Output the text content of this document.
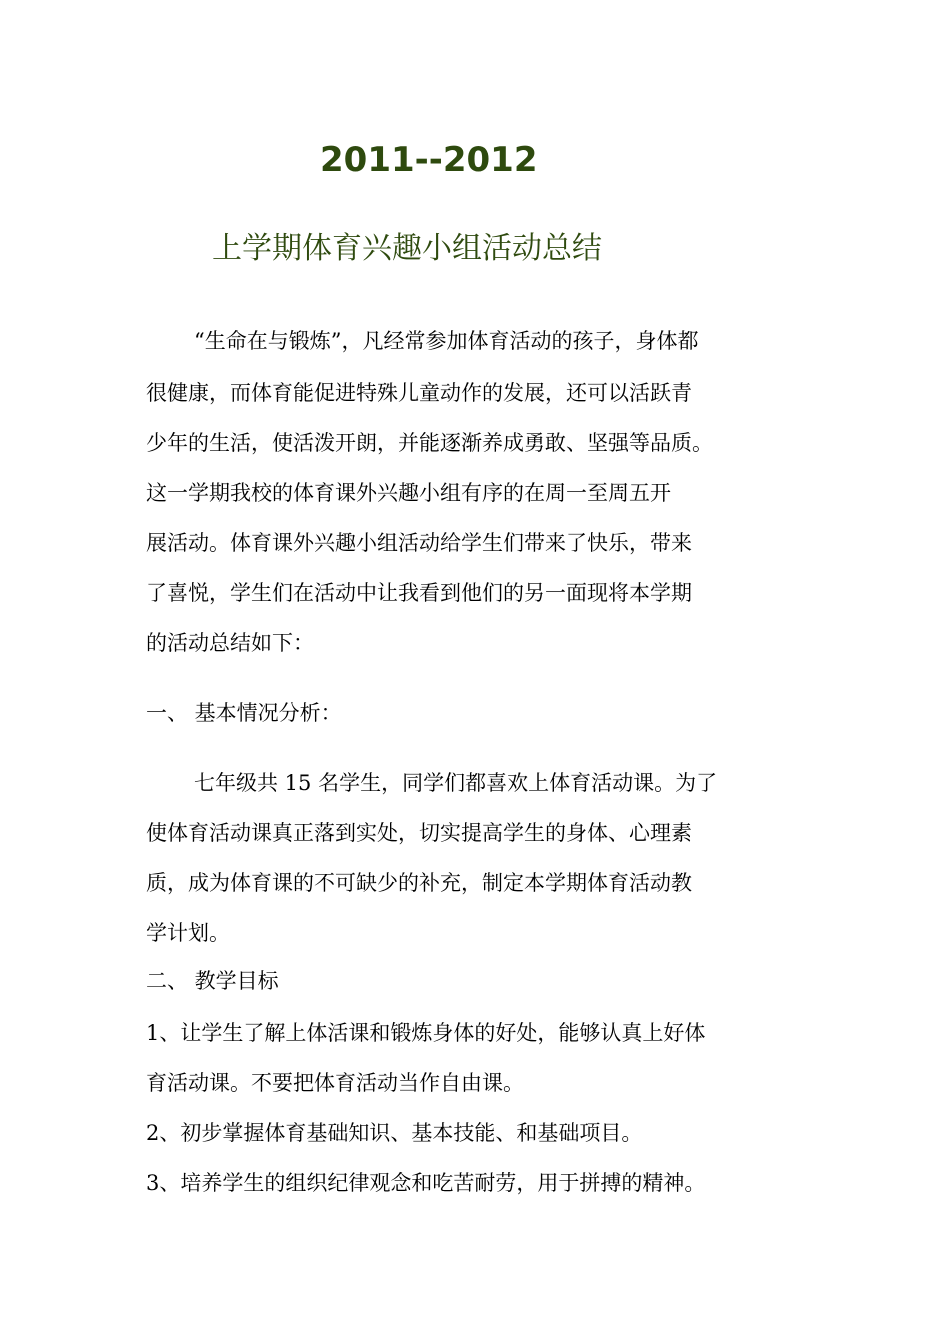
2011--2012
上学期体育兴趣小组活动总结
“生命在与锻炼”，凡经常参加体育活动的孩子，身体都
很健康，而体育能促进特殊儿童动作的发展，还可以活跃青
少年的生活，使活泼开朗，并能逐渐养成勇敢、坚强等品质。
这一学期我校的体育课外兴趣小组有序的在周一至周五开
展活动。体育课外兴趣小组活动给学生们带来了快乐，带来
了喜悦，学生们在活动中让我看到他们的另一面现将本学期
的活动总结如下：
一、 基本情况分析：
七年级共 15 名学生，同学们都喜欢上体育活动课。为了
使体育活动课真正落到实处，切实提高学生的身体、心理素
质，成为体育课的不可缺少的补充，制定本学期体育活动教
学计划。
二、 教学目标
1、让学生了解上体活课和锻炼身体的好处，能够认真上好体
育活动课。不要把体育活动当作自由课。
2、初步掌握体育基础知识、基本技能、和基础项目。
3、培养学生的组织纪律观念和吃苦耐劳，用于拼搏的精神。
